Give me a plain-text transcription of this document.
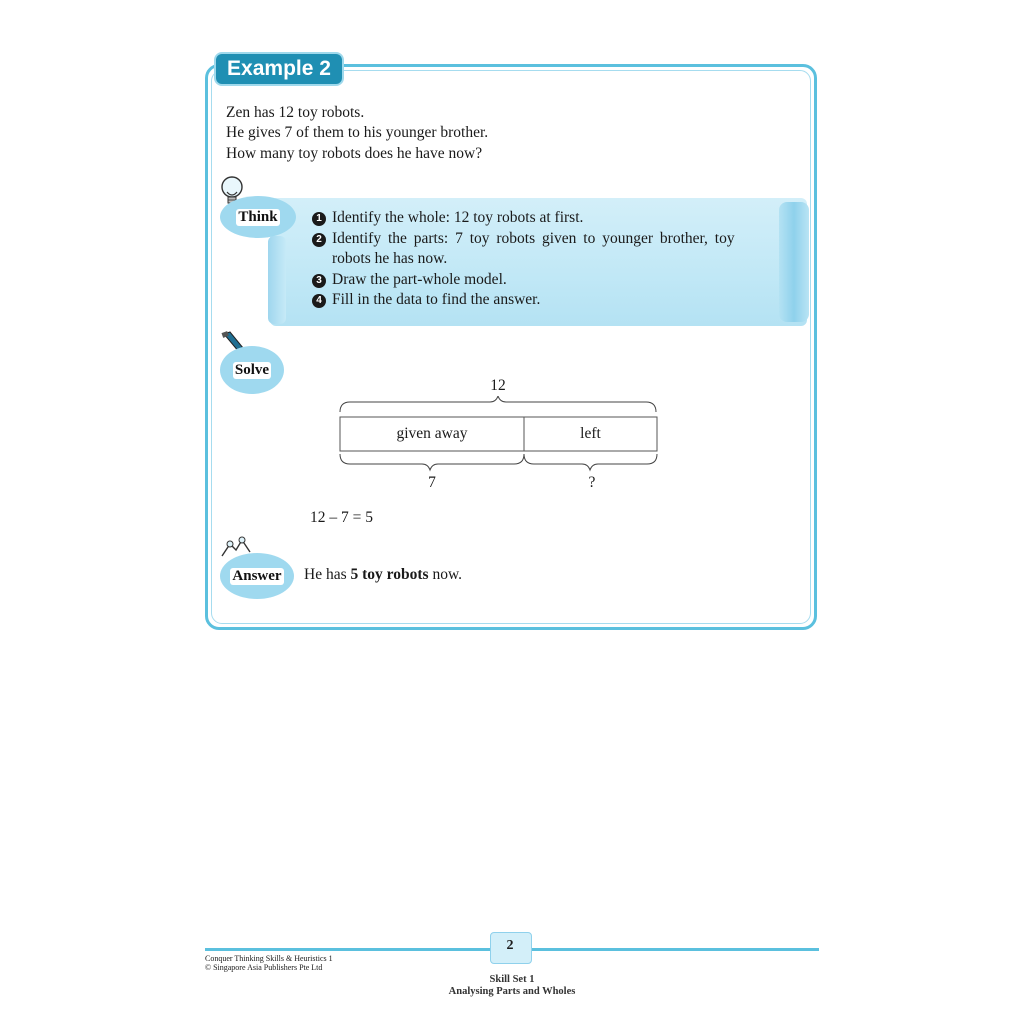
Example 2
Zen has 12 toy robots.
He gives 7 of them to his younger brother.
How many toy robots does he have now?
Think	1 Identify the whole: 12 toy robots at first.
2 Identify the parts: 7 toy robots given to younger brother, toy
robots he has now.
3 Draw the part-whole model.
4 Fill in the data to find the answer.
Solve
12
given away	left
7	?
12 – 7 = 5
Answer He has 5 toy robots now.
2
Conquer Thinking Skills & Heuristics 1
© Singapore Asia Publishers Pte Ltd
Skill Set 1
Analysing Parts and Wholes
